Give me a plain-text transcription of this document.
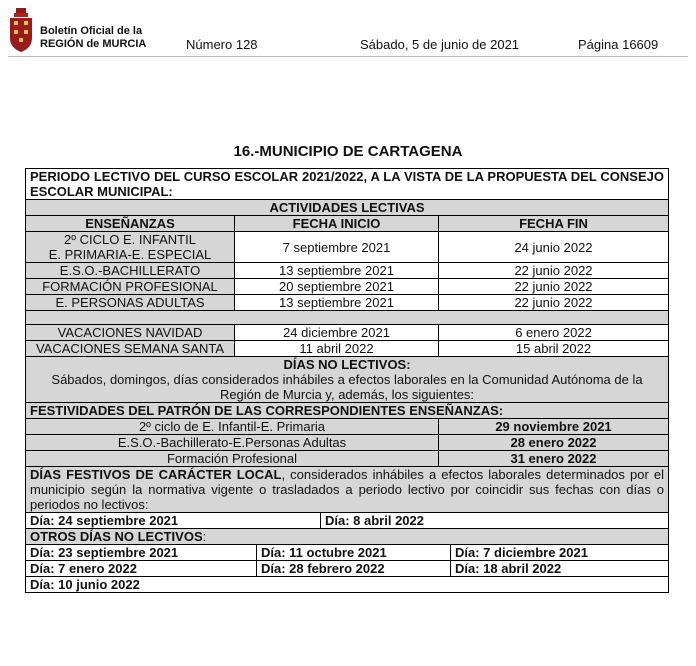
Boletín Oficial de la
REGIÓN de MURCIA	Número 128	Sábado, 5 de junio de 2021	Página 16609
16.-MUNICIPIO DE CARTAGENA
PERIODO LECTIVO DEL CURSO ESCOLAR 2021/2022, A LA VISTA DE LA PROPUESTA DEL CONSEJO ESCOLAR MUNICIPAL:					
ACTIVIDADES LECTIVAS					
ENSEÑANZAS	FECHA INICIO			FECHA FIN	

2º CICLO E. INFANTIL
E. PRIMARIA-E. ESPECIAL	7 septiembre 2021			24 junio 2022	
E.S.O.-BACHILLERATO	13 septiembre 2021			22 junio 2022	
FORMACIÓN PROFESIONAL	20 septiembre 2021			22 junio 2022	
E. PERSONAS ADULTAS	13 septiembre 2021			22 junio 2022	

VACACIONES NAVIDAD	24 diciembre 2021			6 enero 2022	
VACACIONES SEMANA SANTA	11 abril 2022			15 abril 2022	

DÍAS NO LECTIVOS:
Sábados, domingos, días considerados inhábiles a efectos laborales en la Comunidad Autónoma de la Región de Murcia y, además, los siguientes:					

FESTIVIDADES DEL PATRÓN DE LAS CORRESPONDIENTES ENSEÑANZAS:					
2º ciclo de E. Infantil-E. Primaria				29 noviembre 2021	
E.S.O.-Bachillerato-E.Personas Adultas				28 enero 2022	
Formación Profesional				31 enero 2022	
DÍAS FESTIVOS DE CARÁCTER LOCAL, considerados inhábiles a efectos laborales determinados por el municipio según la normativa vigente o trasladados a periodo lectivo por coincidir sus fechas con días o periodos no lectivos:					
Día: 24 septiembre 2021			Día: 8 abril 2022		
OTROS DÍAS NO LECTIVOS:					
Día: 23 septiembre 2021		Día: 11 octubre 2021			Día: 7 diciembre 2021
Día: 7 enero 2022		Día: 28 febrero 2022			Día: 18 abril 2022
Día: 10 junio 2022					
